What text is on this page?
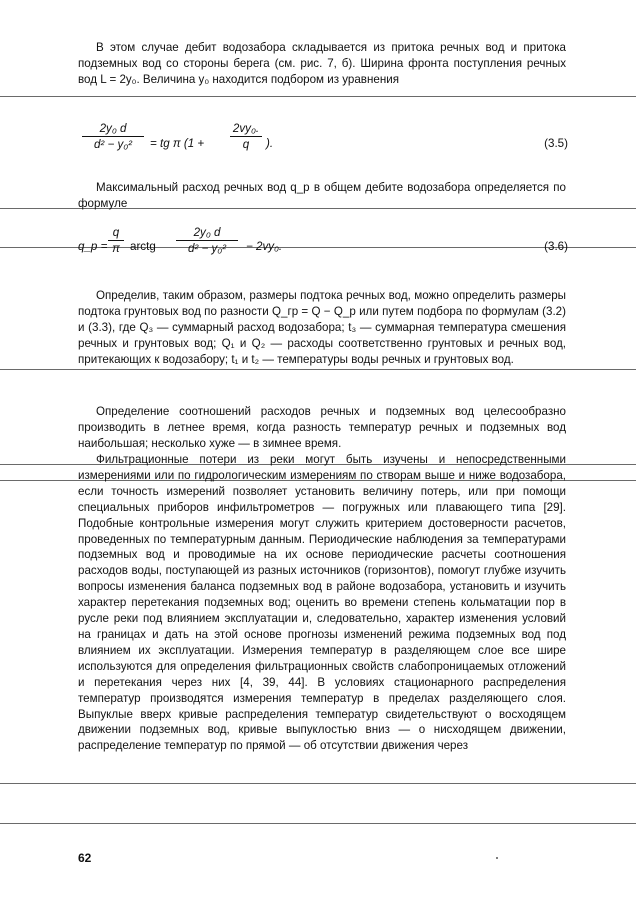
В этом случае дебит водозабора складывается из притока речных вод и притока подземных вод со стороны берега (см. рис. 7, б). Ширина фронта поступления речных вод L = 2y₀. Величина y₀ находится подбором из уравнения

2y₀ d
d² − y₀²	= tg π (1 +
2vy₀.
q	).	(3.5)

Максимальный расход речных вод q_р в общем дебите водозабора определяется по формуле

q_р =
q
π arctg
2y₀ d
d² − y₀²	− 2vy₀.	(3.6)

Определив, таким образом, размеры подтока речных вод, можно определить размеры подтока грунтовых вод по разности Q_гр = Q − Q_р или путем подбора по формулам (3.2) и (3.3), где Q₃ — суммарный расход водозабора; t₃ — суммарная температура смешения речных и грунтовых вод; Q₁ и Q₂ — расходы соответственно грунтовых и речных вод, притекающих к водозабору; t₁ и t₂ — температуры воды речных и грунтовых вод.

Определение соотношений расходов речных и подземных вод целесообразно производить в летнее время, когда разность температур речных и подземных вод наибольшая; несколько хуже — в зимнее время.

Фильтрационные потери из реки могут быть изучены и непосредственными измерениями или по гидрологическим измерениям по створам выше и ниже водозабора, если точность измерений позволяет установить величину потерь, или при помощи специальных приборов инфильтрометров — погружных или плавающего типа [29]. Подобные контрольные измерения могут служить критерием достоверности расчетов, проведенных по температурным данным. Периодические наблюдения за температурами подземных вод и проводимые на их основе периодические расчеты соотношения расходов воды, поступающей из разных источников (горизонтов), помогут глубже изучить вопросы изменения баланса подземных вод в районе водозабора, установить и изучить характер перетекания подземных вод; оценить во времени степень кольматации пор в русле реки под влиянием эксплуатации и, следовательно, характер изменения условий на границах и дать на этой основе прогнозы изменений режима подземных вод под влиянием их эксплуатации. Измерения температур в разделяющем слое все шире используются для определения фильтрационных свойств слабопроницаемых отложений и перетекания через них [4, 39, 44]. В условиях стационарного распределения температур производятся измерения температур в пределах разделяющего слоя. Выпуклые вверх кривые распределения температур свидетельствуют о восходящем движении подземных вод, кривые выпуклостью вниз — о нисходящем движении, распределение температур по прямой — об отсутствии движения через

62
